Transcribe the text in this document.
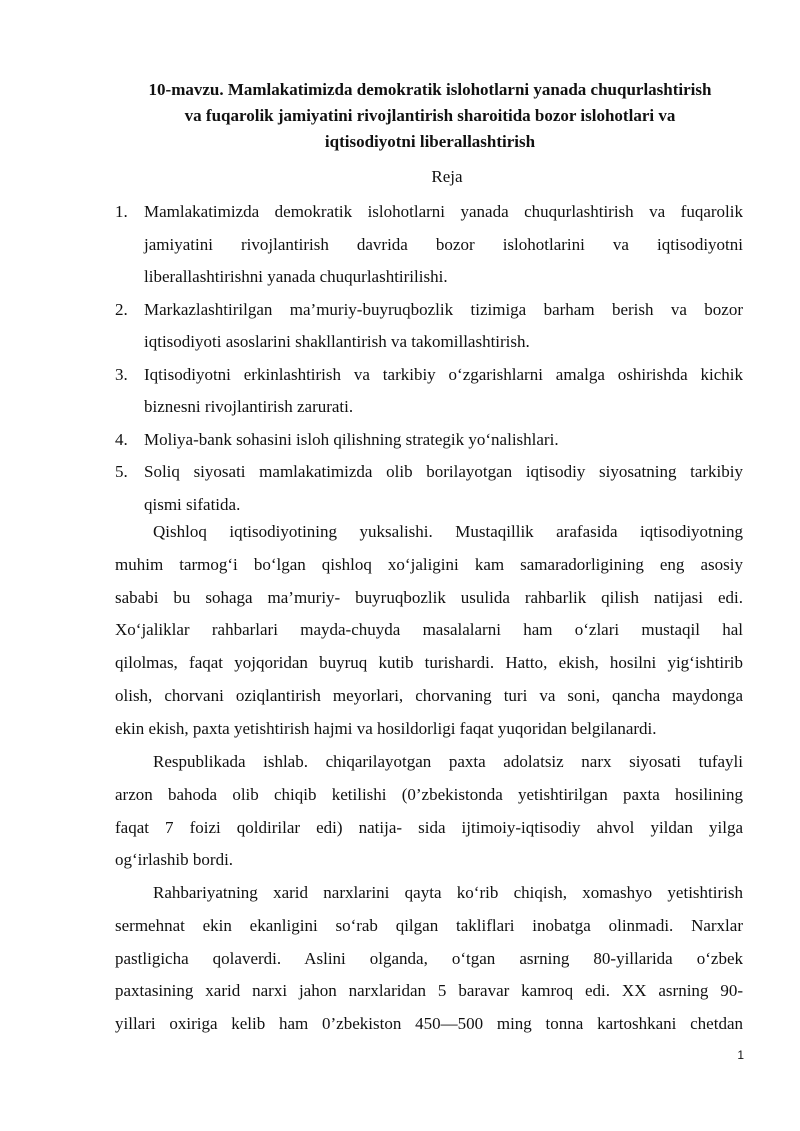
10-mavzu. Mamlakatimizda demokratik islohotlarni yanada chuqurlashtirish
va fuqarolik jamiyatini rivojlantirish sharoitida bozor islohotlari va
iqtisodiyotni liberallashtirish
Reja
1. Mamlakatimizda demokratik islohotlarni yanada chuqurlashtirish va fuqarolik
jamiyatini rivojlantirish davrida bozor islohotlarini va iqtisodiyotni
liberallashtirishni yanada chuqurlashtirilishi.
2. Markazlashtirilgan ma’muriy-buyruqbozlik tizimiga barham berish va bozor
iqtisodiyoti asoslarini shakllantirish va takomillashtirish.
3. Iqtisodiyotni erkinlashtirish va tarkibiy o‘zgarishlarni amalga oshirishda kichik
biznesni rivojlantirish zarurati.
4. Moliya-bank sohasini isloh qilishning strategik yo‘nalishlari.
5. Soliq siyosati mamlakatimizda olib borilayotgan iqtisodiy siyosatning tarkibiy
qismi sifatida.
Qishloq iqtisodiyotining yuksalishi. Mustaqillik arafasida iqtisodiyotning
muhim tarmog‘i bo‘lgan qishloq xo‘jaligini kam samaradorligining eng asosiy
sababi bu sohaga ma’muriy- buyruqbozlik usulida rahbarlik qilish natijasi edi.
Xo‘jaliklar rahbarlari mayda-chuyda masalalarni ham o‘zlari mustaqil hal
qilolmas, faqat yojqoridan buyruq kutib turishardi. Hatto, ekish, hosilni yig‘ishtirib
olish, chorvani oziqlantirish meyorlari, chorvaning turi va soni, qancha maydonga
ekin ekish, paxta yetishtirish hajmi va hosildorligi faqat yuqoridan belgilanardi.
Respublikada ishlab. chiqarilayotgan paxta adolatsiz narx siyosati tufayli
arzon bahoda olib chiqib ketilishi (0’zbekistonda yetishtirilgan paxta hosilining
faqat 7 foizi qoldirilar edi) natija- sida ijtimoiy-iqtisodiy ahvol yildan yilga
og‘irlashib bordi.
Rahbariyatning xarid narxlarini qayta ko‘rib chiqish, xomashyo yetishtirish
sermehnat ekin ekanligini so‘rab qilgan takliflari inobatga olinmadi. Narxlar
pastligicha qolaverdi. Aslini olganda, o‘tgan asrning 80-yillarida o‘zbek
paxtasining xarid narxi jahon narxlaridan 5 baravar kamroq edi. XX asrning 90-
yillari oxiriga kelib ham 0’zbekiston 450—500 ming tonna kartoshkani chetdan
1
